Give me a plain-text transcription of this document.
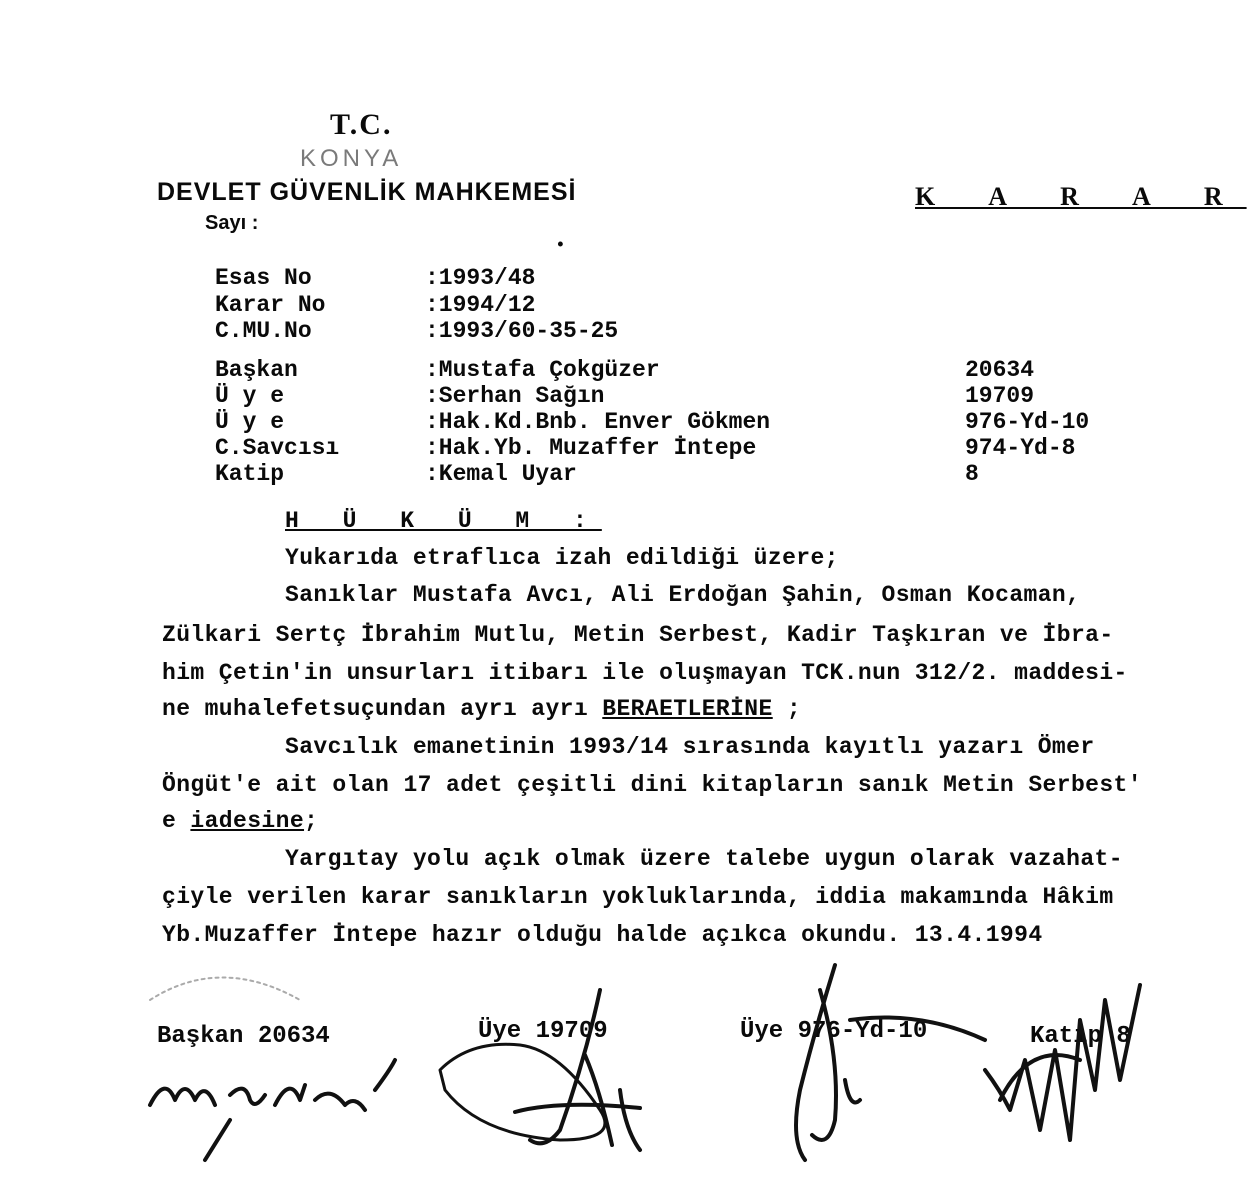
T.C.
KONYA
DEVLET GÜVENLİK MAHKEMESİ	K A R A R
Sayı :
•
Esas No	:1993/48
Karar No	:1994/12
C.MU.No	:1993/60-35-25
Başkan	:Mustafa Çokgüzer	20634
Ü y e	:Serhan Sağın	19709
Ü y e	:Hak.Kd.Bnb. Enver Gökmen	976-Yd-10
C.Savcısı	:Hak.Yb. Muzaffer İntepe	974-Yd-8
Katip	:Kemal Uyar	8
H Ü K Ü M :
Yukarıda etraflıca izah edildiği üzere;
Sanıklar Mustafa Avcı, Ali Erdoğan Şahin, Osman Kocaman,
Zülkari Sertç İbrahim Mutlu, Metin Serbest, Kadir Taşkıran ve İbra-
him Çetin'in unsurları itibarı ile oluşmayan TCK.nun 312/2. maddesi-
ne muhalefetsuçundan ayrı ayrı BERAETLERİNE ;
Savcılık emanetinin 1993/14 sırasında kayıtlı yazarı Ömer
Öngüt'e ait olan 17 adet çeşitli dini kitapların sanık Metin Serbest'
e iadesine;
Yargıtay yolu açık olmak üzere talebe uygun olarak vazahat-
çiyle verilen karar sanıkların yokluklarında, iddia makamında Hâkim
Yb.Muzaffer İntepe hazır olduğu halde açıkca okundu. 13.4.1994
Başkan 20634	Üye 19709	Üye 976-Yd-10	Katip 8
